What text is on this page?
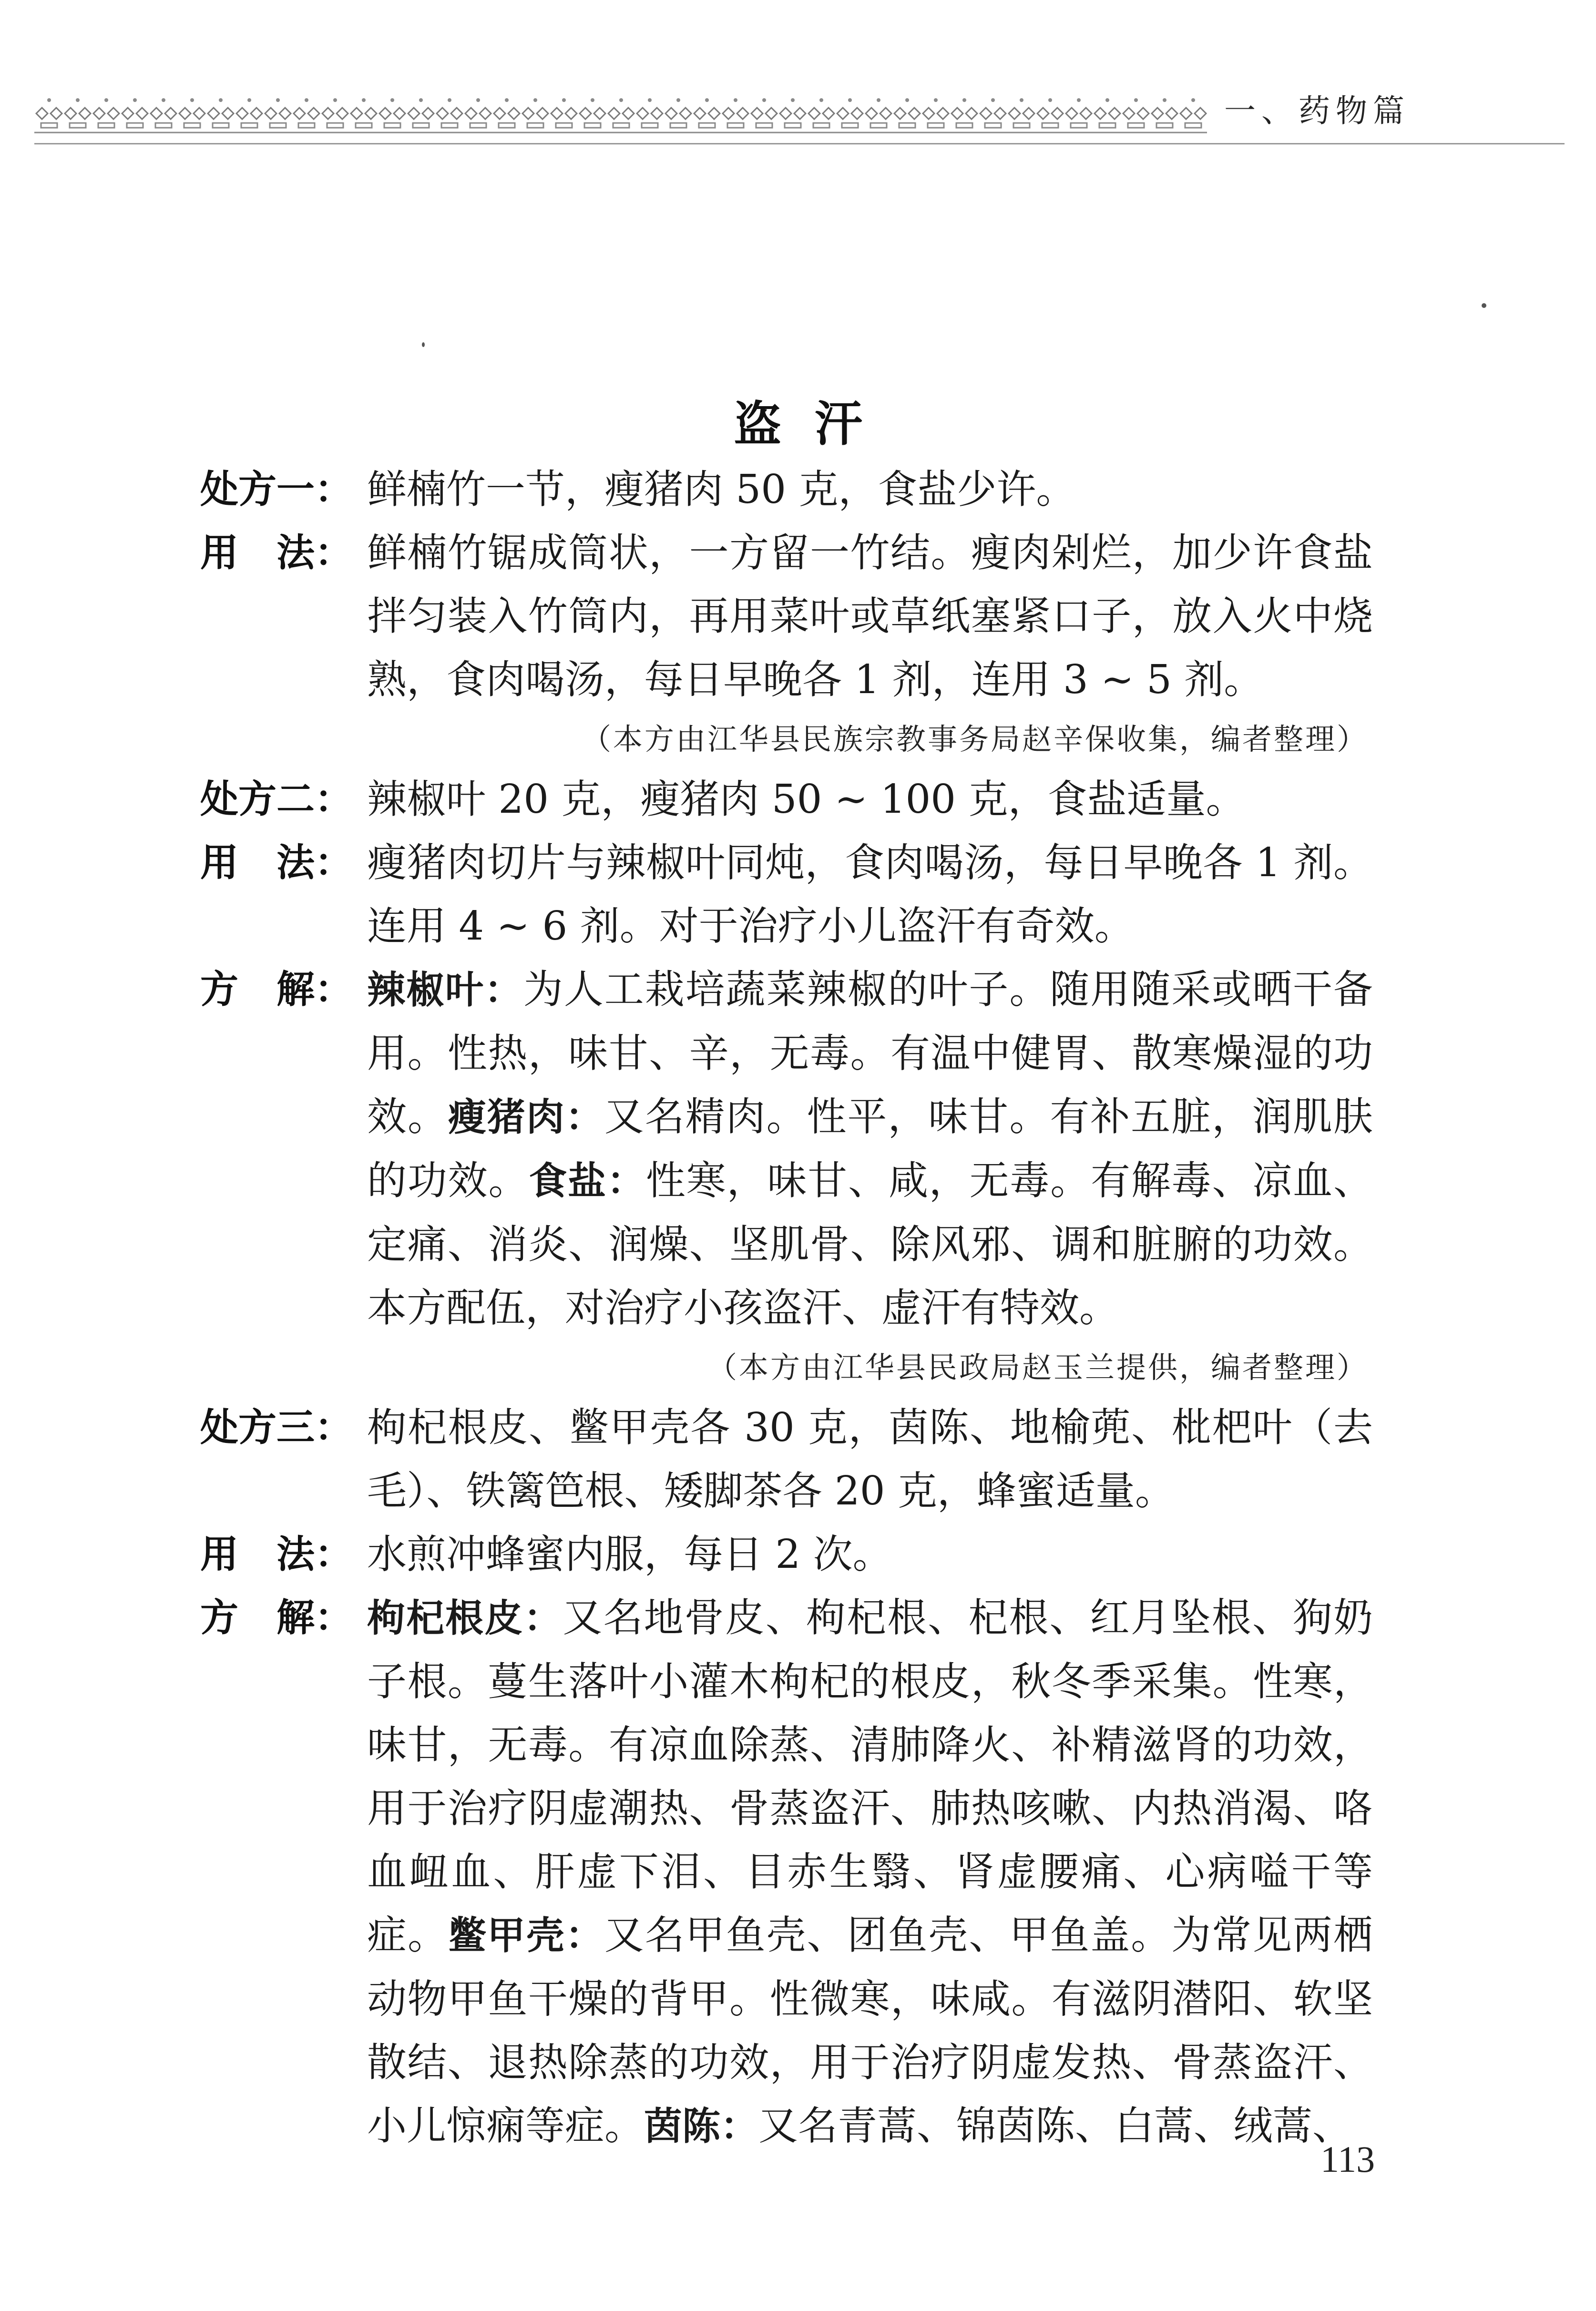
一、药物篇
盗  汗
处方一： 鲜楠竹一节，瘦猪肉 50 克，食盐少许。
用　法： 鲜楠竹锯成筒状，一方留一竹结。瘦肉剁烂，加少许食盐拌匀装入竹筒内，再用菜叶或草纸塞紧口子，放入火中烧熟，食肉喝汤，每日早晚各 1 剂，连用 3 ~ 5 剂。
（本方由江华县民族宗教事务局赵辛保收集，编者整理）
处方二： 辣椒叶 20 克，瘦猪肉 50 ~ 100 克，食盐适量。
用　法： 瘦猪肉切片与辣椒叶同炖，食肉喝汤，每日早晚各 1 剂。连用 4 ~ 6 剂。对于治疗小儿盗汗有奇效。
方　解： 辣椒叶：为人工栽培蔬菜辣椒的叶子。随用随采或晒干备用。性热，味甘、辛，无毒。有温中健胃、散寒燥湿的功效。瘦猪肉：又名精肉。性平，味甘。有补五脏，润肌肤的功效。食盐：性寒，味甘、咸，无毒。有解毒、凉血、定痛、消炎、润燥、坚肌骨、除风邪、调和脏腑的功效。本方配伍，对治疗小孩盗汗、虚汗有特效。
（本方由江华县民政局赵玉兰提供，编者整理）
处方三： 枸杞根皮、鳖甲壳各 30 克，茵陈、地榆蔸、枇杷叶（去毛）、铁篱笆根、矮脚茶各 20 克，蜂蜜适量。
用　法： 水煎冲蜂蜜内服，每日 2 次。
方　解： 枸杞根皮：又名地骨皮、枸杞根、杞根、红月坠根、狗奶子根。蔓生落叶小灌木枸杞的根皮，秋冬季采集。性寒，味甘，无毒。有凉血除蒸、清肺降火、补精滋肾的功效，用于治疗阴虚潮热、骨蒸盗汗、肺热咳嗽、内热消渴、咯血衄血、肝虚下泪、目赤生翳、肾虚腰痛、心病嗌干等症。鳖甲壳：又名甲鱼壳、团鱼壳、甲鱼盖。为常见两栖动物甲鱼干燥的背甲。性微寒，味咸。有滋阴潜阳、软坚散结、退热除蒸的功效，用于治疗阴虚发热、骨蒸盗汗、小儿惊痫等症。茵陈：又名青蒿、锦茵陈、白蒿、绒蒿、
113
